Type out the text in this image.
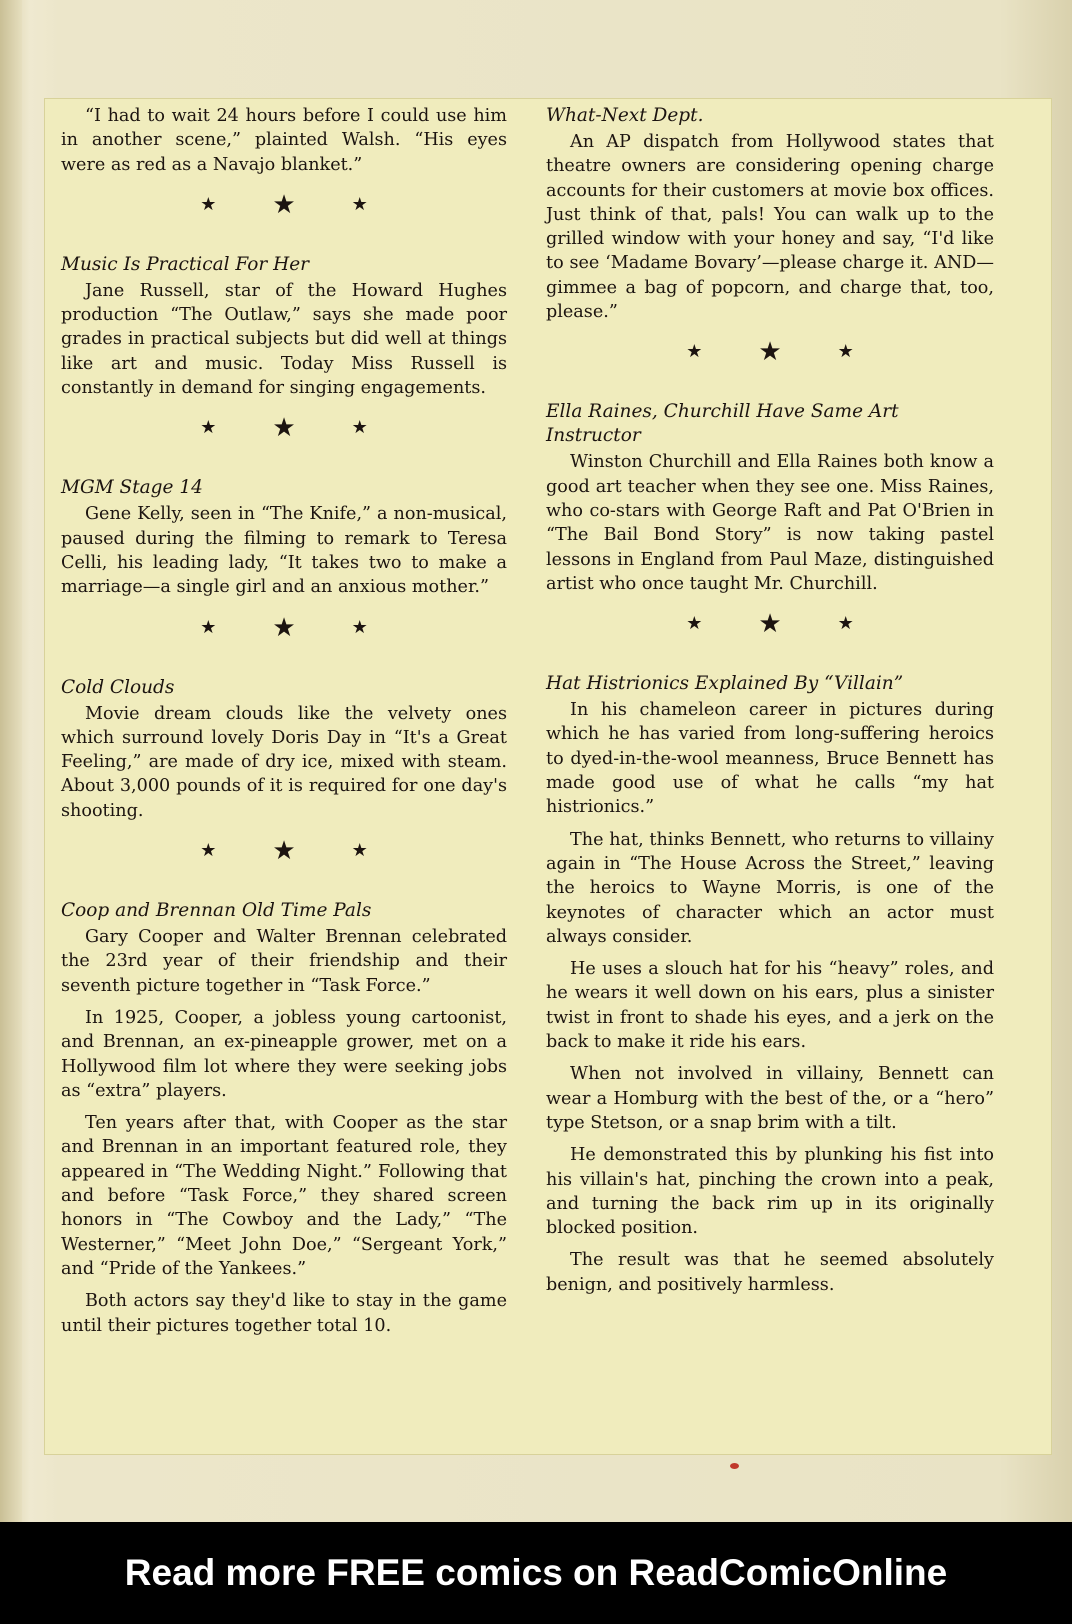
“I had to wait 24 hours before I could use him in another scene,” plainted Walsh. “His eyes were as red as a Navajo blanket.”

★ ★	★
Music Is Practical For Her

Jane Russell, star of the Howard Hughes production “The Outlaw,” says she made poor grades in practical subjects but did well at things like art and music. Today Miss Russell is constantly in demand for singing engagements.

★ ★	★
MGM Stage 14

Gene Kelly, seen in “The Knife,” a non-musical, paused during the filming to remark to Teresa Celli, his leading lady, “It takes two to make a marriage—a single girl and an anxious mother.”

★ ★	★
Cold Clouds

Movie dream clouds like the velvety ones which surround lovely Doris Day in “It's a Great Feeling,” are made of dry ice, mixed with steam. About 3,000 pounds of it is required for one day's shooting.

★ ★	★
Coop and Brennan Old Time Pals

Gary Cooper and Walter Brennan celebrated the 23rd year of their friendship and their seventh picture together in “Task Force.”

In 1925, Cooper, a jobless young cartoonist, and Brennan, an ex-pineapple grower, met on a Hollywood film lot where they were seeking jobs as “extra” players.

Ten years after that, with Cooper as the star and Brennan in an important featured role, they appeared in “The Wedding Night.” Following that and before “Task Force,” they shared screen honors in “The Cowboy and the Lady,” “The Westerner,” “Meet John Doe,” “Sergeant York,” and “Pride of the Yankees.”

Both actors say they'd like to stay in the game until their pictures together total 10.

What-Next Dept.

An AP dispatch from Hollywood states that theatre owners are considering opening charge accounts for their customers at movie box offices. Just think of that, pals! You can walk up to the grilled window with your honey and say, “I'd like to see ‘Madame Bovary’—please charge it. AND—gimmee a bag of popcorn, and charge that, too, please.”

★ ★	★
Ella Raines, Churchill Have Same Art Instructor

Winston Churchill and Ella Raines both know a good art teacher when they see one. Miss Raines, who co-stars with George Raft and Pat O'Brien in “The Bail Bond Story” is now taking pastel lessons in England from Paul Maze, distinguished artist who once taught Mr. Churchill.

★ ★	★
Hat Histrionics Explained By “Villain”

In his chameleon career in pictures during which he has varied from long-suffering heroics to dyed-in-the-wool meanness, Bruce Bennett has made good use of what he calls “my hat histrionics.”

The hat, thinks Bennett, who returns to villainy again in “The House Across the Street,” leaving the heroics to Wayne Morris, is one of the keynotes of character which an actor must always consider.

He uses a slouch hat for his “heavy” roles, and he wears it well down on his ears, plus a sinister twist in front to shade his eyes, and a jerk on the back to make it ride his ears.

When not involved in villainy, Bennett can wear a Homburg with the best of the, or a “hero” type Stetson, or a snap brim with a tilt.

He demonstrated this by plunking his fist into his villain's hat, pinching the crown into a peak, and turning the back rim up in its originally blocked position.

The result was that he seemed absolutely benign, and positively harmless.

Read more FREE comics on ReadComicOnline
